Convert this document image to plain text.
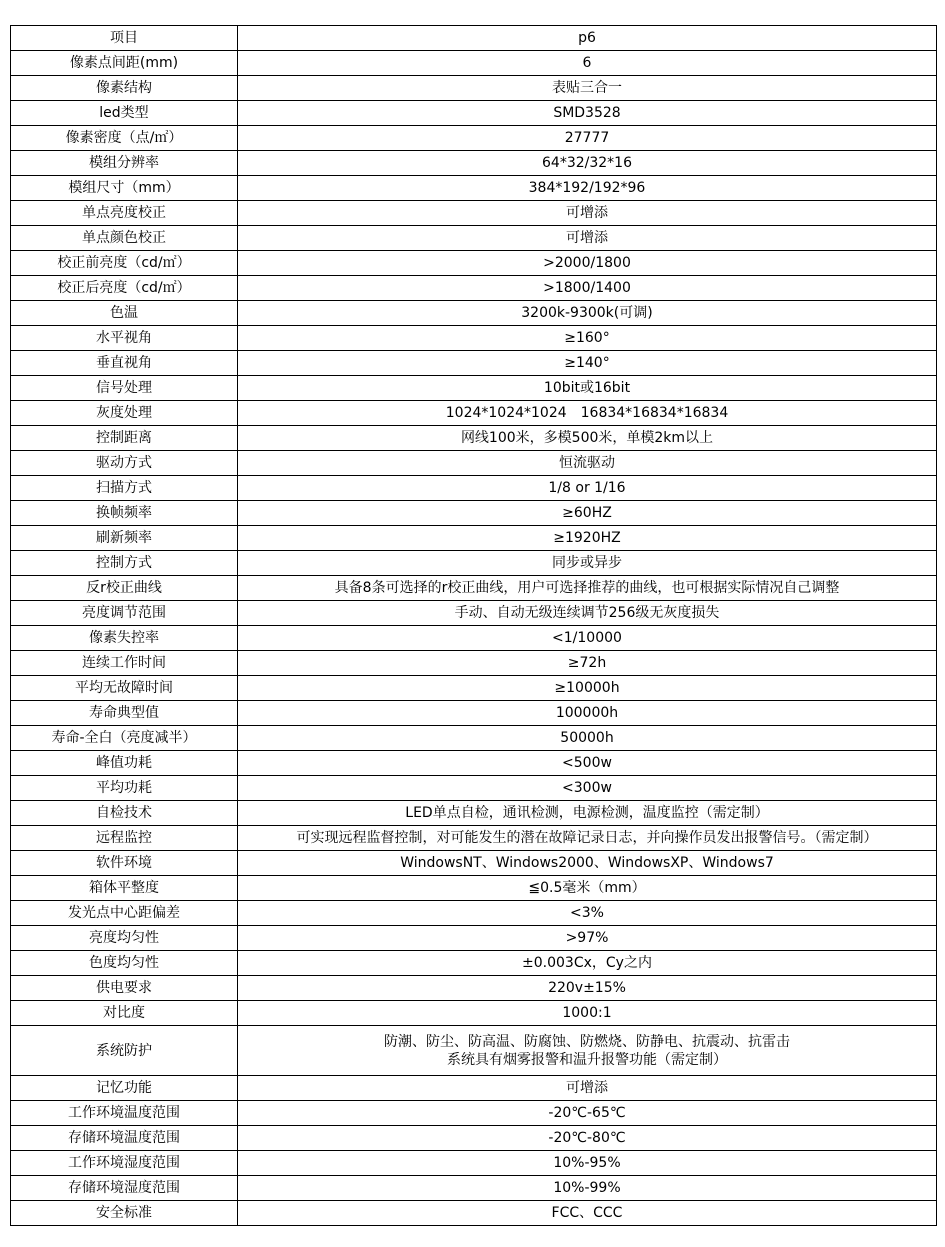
项目	p6
像素点间距(mm)	6
像素结构	表贴三合一
led类型	SMD3528
像素密度（点/㎡）	27777
模组分辨率	64*32/32*16
模组尺寸（mm）	384*192/192*96
单点亮度校正	可增添
单点颜色校正	可增添
校正前亮度（cd/㎡）	>2000/1800
校正后亮度（cd/㎡）	>1800/1400
色温	3200k-9300k(可调)
水平视角	≥160°
垂直视角	≥140°
信号处理	10bit或16bit
灰度处理	1024*1024*1024　16834*16834*16834
控制距离	网线100米，多模500米，单模2km以上
驱动方式	恒流驱动
扫描方式	1/8 or 1/16
换帧频率	≥60HZ
刷新频率	≥1920HZ
控制方式	同步或异步
反r校正曲线	具备8条可选择的r校正曲线，用户可选择推荐的曲线，也可根据实际情况自己调整
亮度调节范围	手动、自动无级连续调节256级无灰度损失
像素失控率	<1/10000
连续工作时间	≥72h
平均无故障时间	≥10000h
寿命典型值	100000h
寿命-全白（亮度减半）	50000h
峰值功耗	<500w
平均功耗	<300w
自检技术	LED单点自检，通讯检测，电源检测，温度监控（需定制）
远程监控	可实现远程监督控制，对可能发生的潜在故障记录日志，并向操作员发出报警信号。（需定制）
软件环境	WindowsNT、Windows2000、WindowsXP、Windows7
箱体平整度	≦0.5毫米（mm）
发光点中心距偏差	<3%
亮度均匀性	>97%
色度均匀性	±0.003Cx，Cy之内
供电要求	220v±15%
对比度	1000:1
系统防护	防潮、防尘、防高温、防腐蚀、防燃烧、防静电、抗震动、抗雷击
系统具有烟雾报警和温升报警功能（需定制）

记忆功能	可增添
工作环境温度范围	-20℃-65℃
存储环境温度范围	-20℃-80℃
工作环境湿度范围	10%-95%
存储环境湿度范围	10%-99%
安全标准	FCC、CCC
